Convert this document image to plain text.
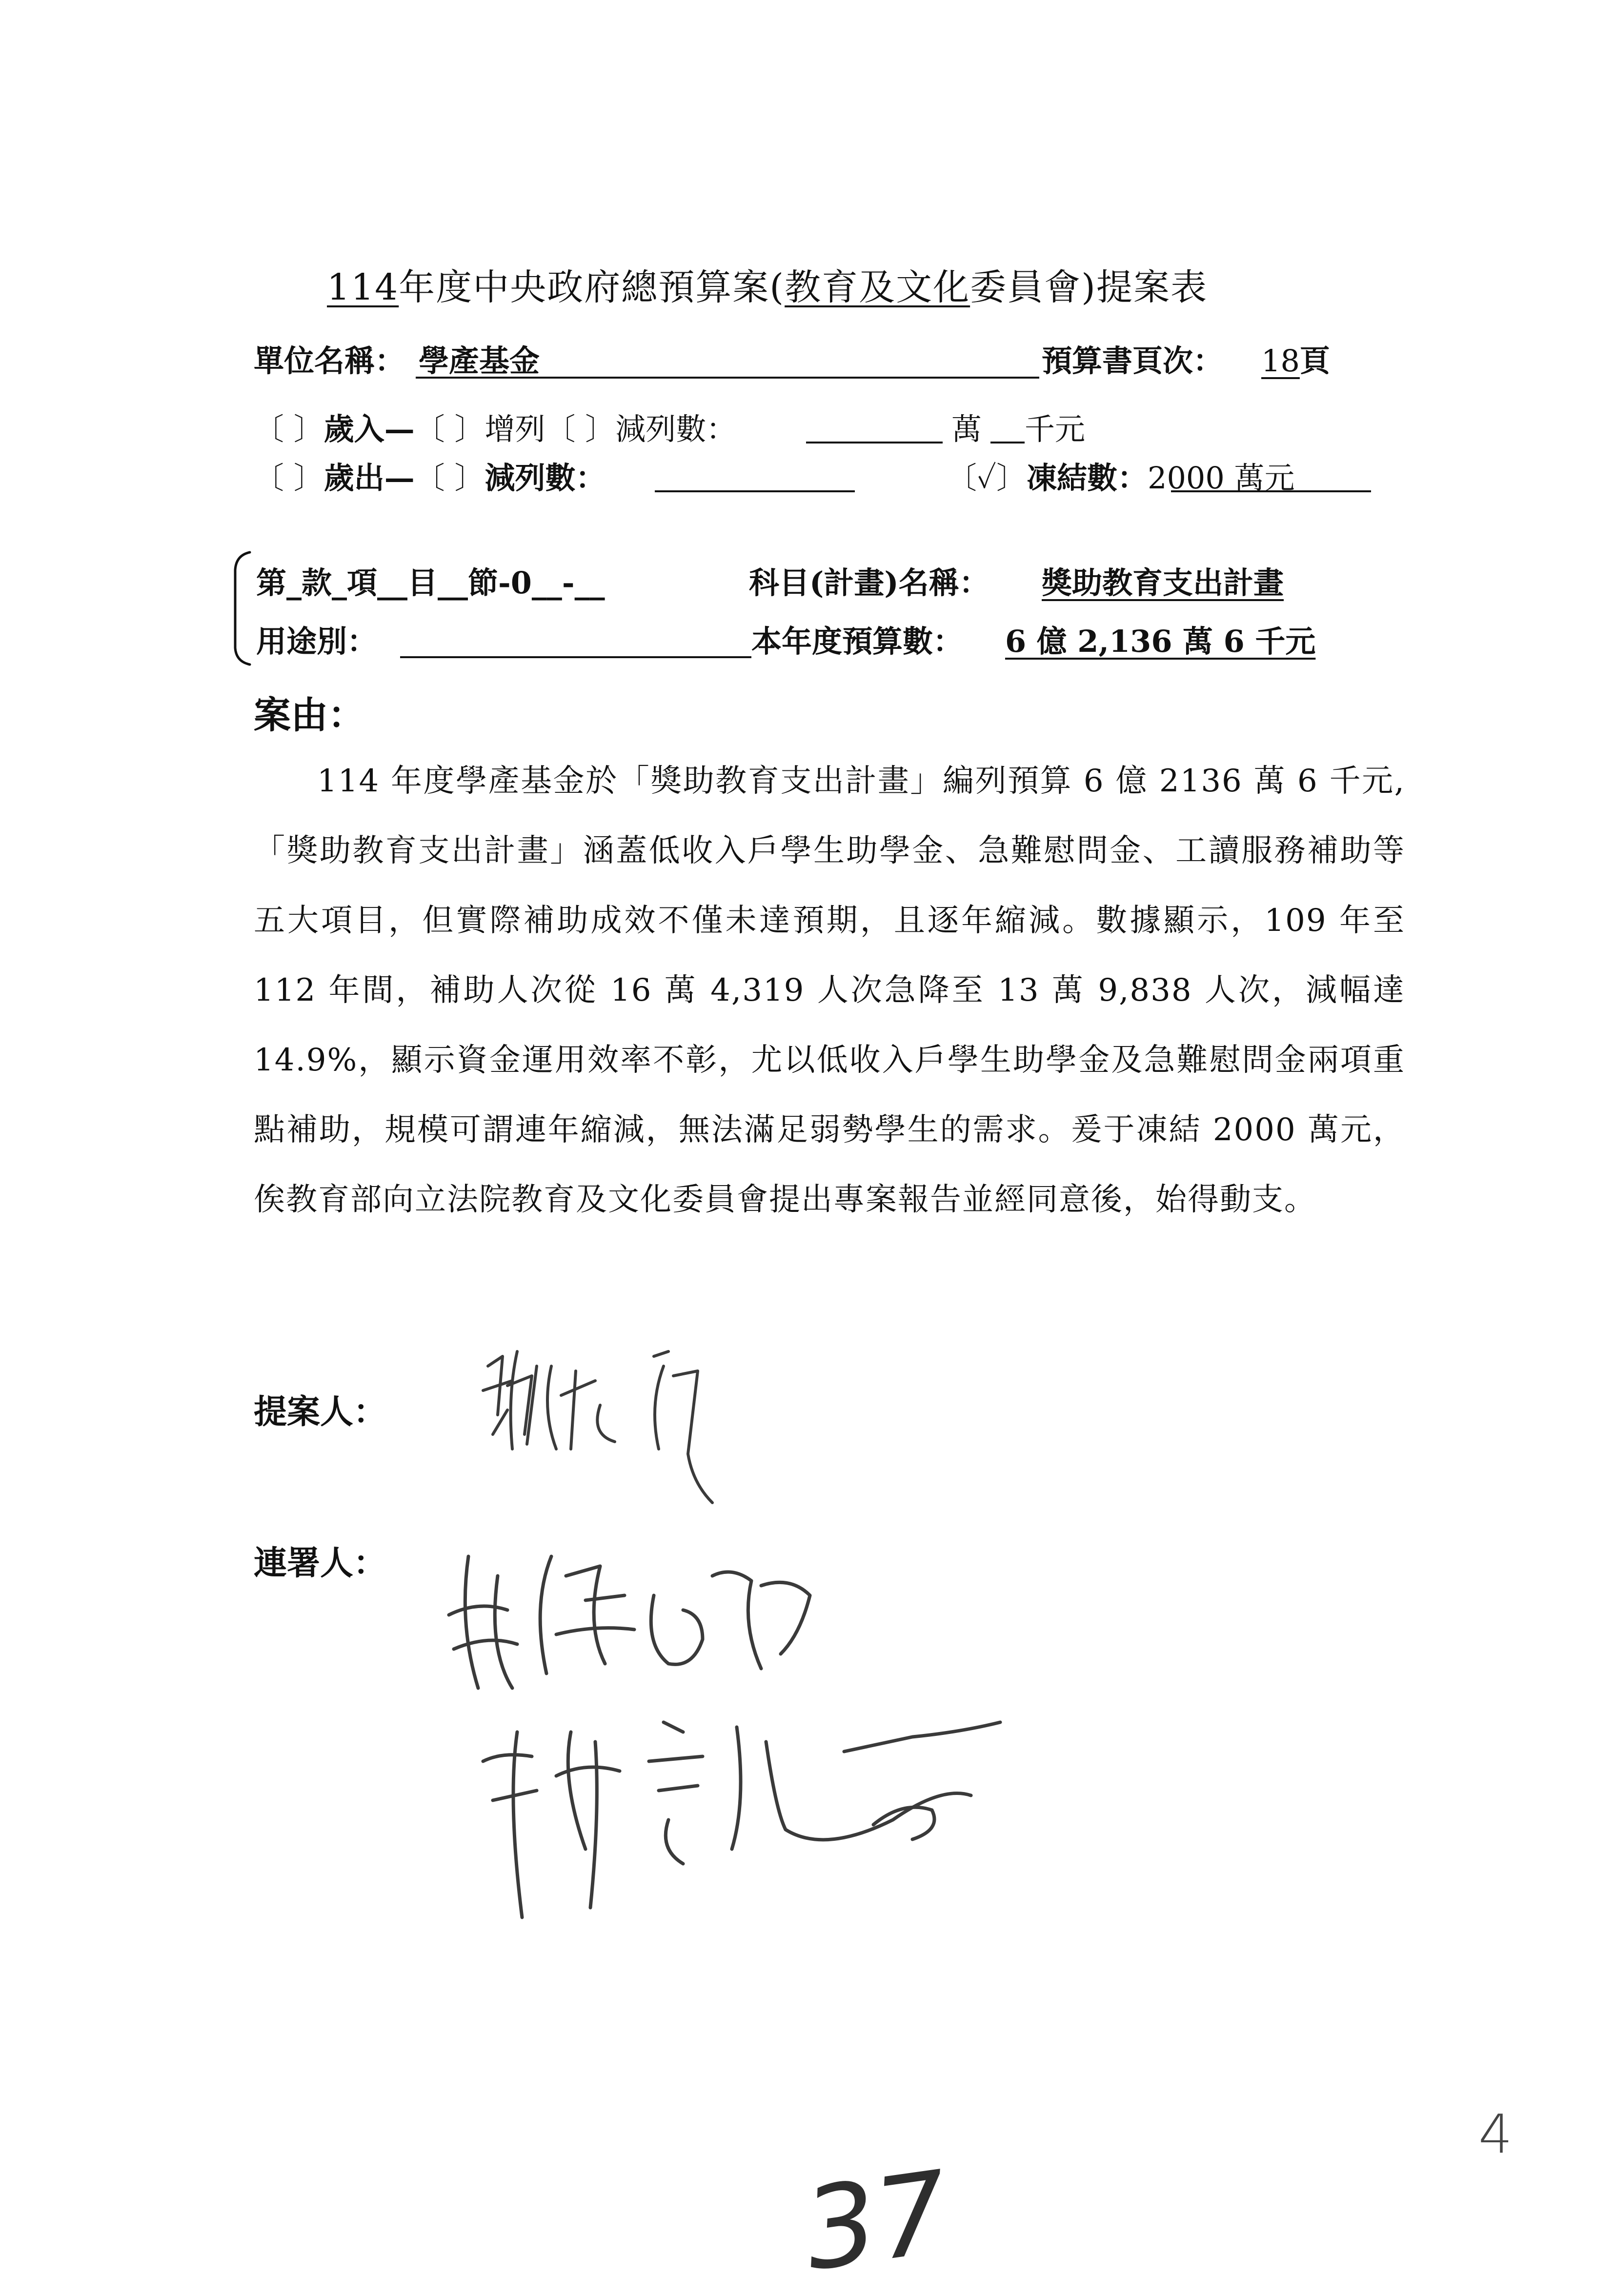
114年度中央政府總預算案(教育及文化委員會)提案表
單位名稱： 學產基金	預算書頁次： 18頁
〔 〕歲入—〔 〕增列〔 〕減列數：	萬 千元
〔 〕歲出—〔 〕減列數：	〔✓〕凍結數：2000 萬元
第_款_項__目__節-0__-__	科目(計畫)名稱： 獎助教育支出計畫
用途別：	本年度預算數： 6 億 2,136 萬 6 千元
案由：

114 年度學產基金於「獎助教育支出計畫」編列預算 6 億 2136 萬 6 千元,「獎助教育支出計畫」涵蓋低收入戶學生助學金、急難慰問金、工讀服務補助等五大項目，但實際補助成效不僅未達預期，且逐年縮減。數據顯示，109 年至 112 年間，補助人次從 16 萬 4,319 人次急降至 13 萬 9,838 人次，減幅達 14.9%，顯示資金運用效率不彰，尤以低收入戶學生助學金及急難慰問金兩項重點補助，規模可謂連年縮減，無法滿足弱勢學生的需求。爰于凍結 2000 萬元，俟教育部向立法院教育及文化委員會提出專案報告並經同意後，始得動支。

提案人：
連署人：
4
37
